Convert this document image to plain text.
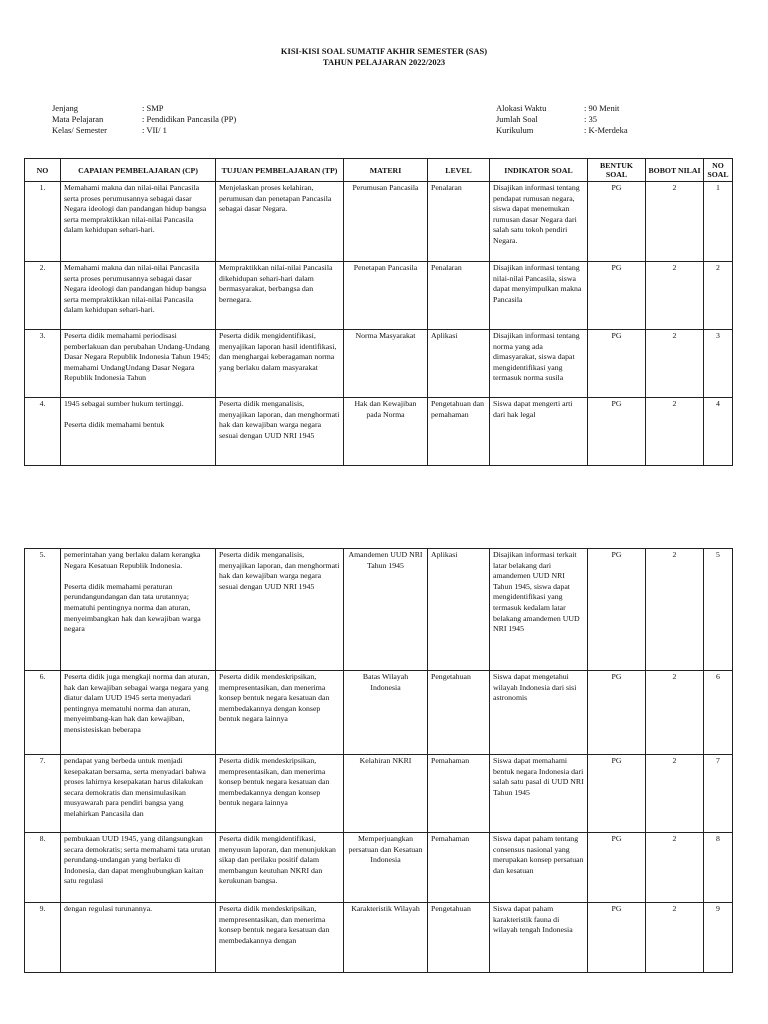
KISI-KISI SOAL SUMATIF AKHIR SEMESTER (SAS)
TAHUN PELAJARAN 2022/2023
Jenjang	: SMP
Mata Pelajaran	: Pendidikan Pancasila (PP)
Kelas/ Semester	: VII/ 1
Alokasi Waktu	: 90 Menit
Jumlah Soal	: 35
Kurikulum	: K-Merdeka
NO	CAPAIAN PEMBELAJARAN (CP)	TUJUAN PEMBELAJARAN (TP)	MATERI	LEVEL	INDIKATOR SOAL	BENTUK SOAL	BOBOT NILAI	NO SOAL

1.	Memahami makna dan nilai-nilai Pancasila serta proses perumusannya sebagai dasar Negara ideologi dan pandangan hidup bangsa serta mempraktikkan nilai-nilai Pancasila dalam kehidupan sehari-hari.	Menjelaskan proses kelahiran, perumusan dan penetapan Pancasila sebagai dasar Negara.	Perumusan Pancasila	Penalaran	Disajikan informasi tentang pendapat rumusan negara, siswa dapat menemukan rumusan dasar Negara dari salah satu tokoh pendiri Negara.	PG	2	1

2.	Memahami makna dan nilai-nilai Pancasila serta proses perumusannya sebagai dasar Negara ideologi dan pandangan hidup bangsa serta mempraktikkan nilai-nilai Pancasila dalam kehidupan sehari-hari.	Mempraktikkan nilai-nilai Pancasila dikehidupan sehari-hari dalam bermasyarakat, berbangsa dan bernegara.	Penetapan Pancasila	Penalaran	Disajikan informasi tentang nilai-nilai Pancasila, siswa dapat menyimpulkan makna Pancasila	PG	2	2

3.	Peserta didik memahami periodisasi pemberlakuan dan perubahan Undang-Undang Dasar Negara Republik Indonesia Tahun 1945; memahami UndangUndang Dasar Negara Republik Indonesia Tahun	Peserta didik mengidentifikasi, menyajikan laporan hasil identifikasi, dan menghargai keberagaman norma yang berlaku dalam masyarakat	Norma Masyarakat	Aplikasi	Disajikan informasi tentang norma yang ada dimasyarakat, siswa dapat mengidentifikasi yang termasuk norma susila	PG	2	3

4.	1945 sebagai sumber hukum tertinggi.

Peserta didik memahami bentuk	Peserta didik menganalisis, menyajikan laporan, dan menghormati hak dan kewajiban warga negara sesuai dengan UUD NRI 1945	Hak dan Kewajiban pada Norma	Pengetahuan dan pemahaman	Siswa dapat mengerti arti dari hak legal	PG	2	4
5.	pemerintahan yang berlaku dalam kerangka Negara Kesatuan Republik Indonesia.

Peserta didik memahami peraturan perundangundangan dan tata urutannya; mematuhi pentingnya norma dan aturan, menyeimbangkan hak dan kewajiban warga negara	Peserta didik menganalisis, menyajikan laporan, dan menghormati hak dan kewajiban warga negara sesuai dengan UUD NRI 1945	Amandemen UUD NRI Tahun 1945	Aplikasi	Disajikan informasi terkait latar belakang dari amandemen UUD NRI Tahun 1945, siswa dapat mengidentifikasi yang termasuk kedalam latar belakang amandemen UUD NRI 1945	PG	2	5

6.	Peserta didik juga mengkaji norma dan aturan, hak dan kewajiban sebagai warga negara yang diatur dalam UUD 1945 serta menyadari pentingnya mematuhi norma dan aturan, menyeimbang-kan hak dan kewajiban, mensistesiskan beberapa	Peserta didik mendeskripsikan, mempresentasikan, dan menerima konsep bentuk negara kesatuan dan membedakannya dengan konsep bentuk negara lainnya	Batas Wilayah Indonesia	Pengetahuan	Siswa dapat mengetahui wilayah Indonesia dari sisi astronomis	PG	2	6

7.	pendapat yang berbeda untuk menjadi kesepakatan bersama, serta menyadari bahwa proses lahirnya kesepakatan harus dilakukan secara demokratis dan mensimulasikan musyawarah para pendiri bangsa yang melahirkan Pancasila dan	Peserta didik mendeskripsikan, mempresentasikan, dan menerima konsep bentuk negara kesatuan dan membedakannya dengan konsep bentuk negara lainnya	Kelahiran NKRI	Pemahaman	Siswa dapat memahami bentuk negara Indonesia dari salah satu pasal di UUD NRI Tahun 1945	PG	2	7

8.	pembukaan UUD 1945, yang dilangsungkan secara demokratis; serta memahami tata urutan perundang-undangan yang berlaku di Indonesia, dan dapat menghubungkan kaitan satu regulasi	Peserta didik mengidentifikasi, menyusun laporan, dan menunjukkan sikap dan perilaku positif dalam membangun keutuhan NKRI dan kerukunan bangsa.	Memperjuangkan persatuan dan Kesatuan Indonesia	Pemahaman	Siswa dapat paham tentang consensus nasional yang merupakan konsep persatuan dan kesatuan	PG	2	8

9.	dengan regulasi turunannya.	Peserta didik mendeskripsikan, mempresentasikan, dan menerima konsep bentuk negara kesatuan dan membedakannya dengan	Karakteristik Wilayah	Pengetahuan	Siswa dapat paham karakteristik fauna di wilayah tengah Indonesia	PG	2	9
